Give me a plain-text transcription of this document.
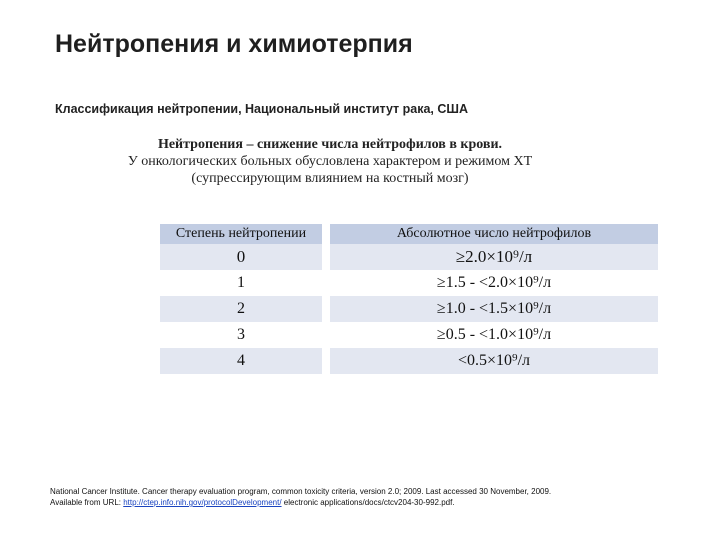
Нейтропения и химиотерпия
Классификация нейтропении, Национальный институт рака, США
Нейтропения – снижение числа нейтрофилов в крови.
У онкологических больных обусловлена характером и режимом ХТ
(супрессирующим влиянием на костный мозг)
Степень нейтропении	Абсолютное число нейтрофилов
0	≥2.0×10⁹/л
1	≥1.5 - <2.0×10⁹/л
2	≥1.0 - <1.5×10⁹/л
3	≥0.5 - <1.0×10⁹/л
4	<0.5×10⁹/л
National Cancer Institute. Cancer therapy evaluation program, common toxicity criteria, version 2.0; 2009. Last accessed 30 November, 2009.
Available from URL: http://ctep.info.nih.gov/protocolDevelopment/ electronic applications/docs/ctcv204-30-992.pdf.
